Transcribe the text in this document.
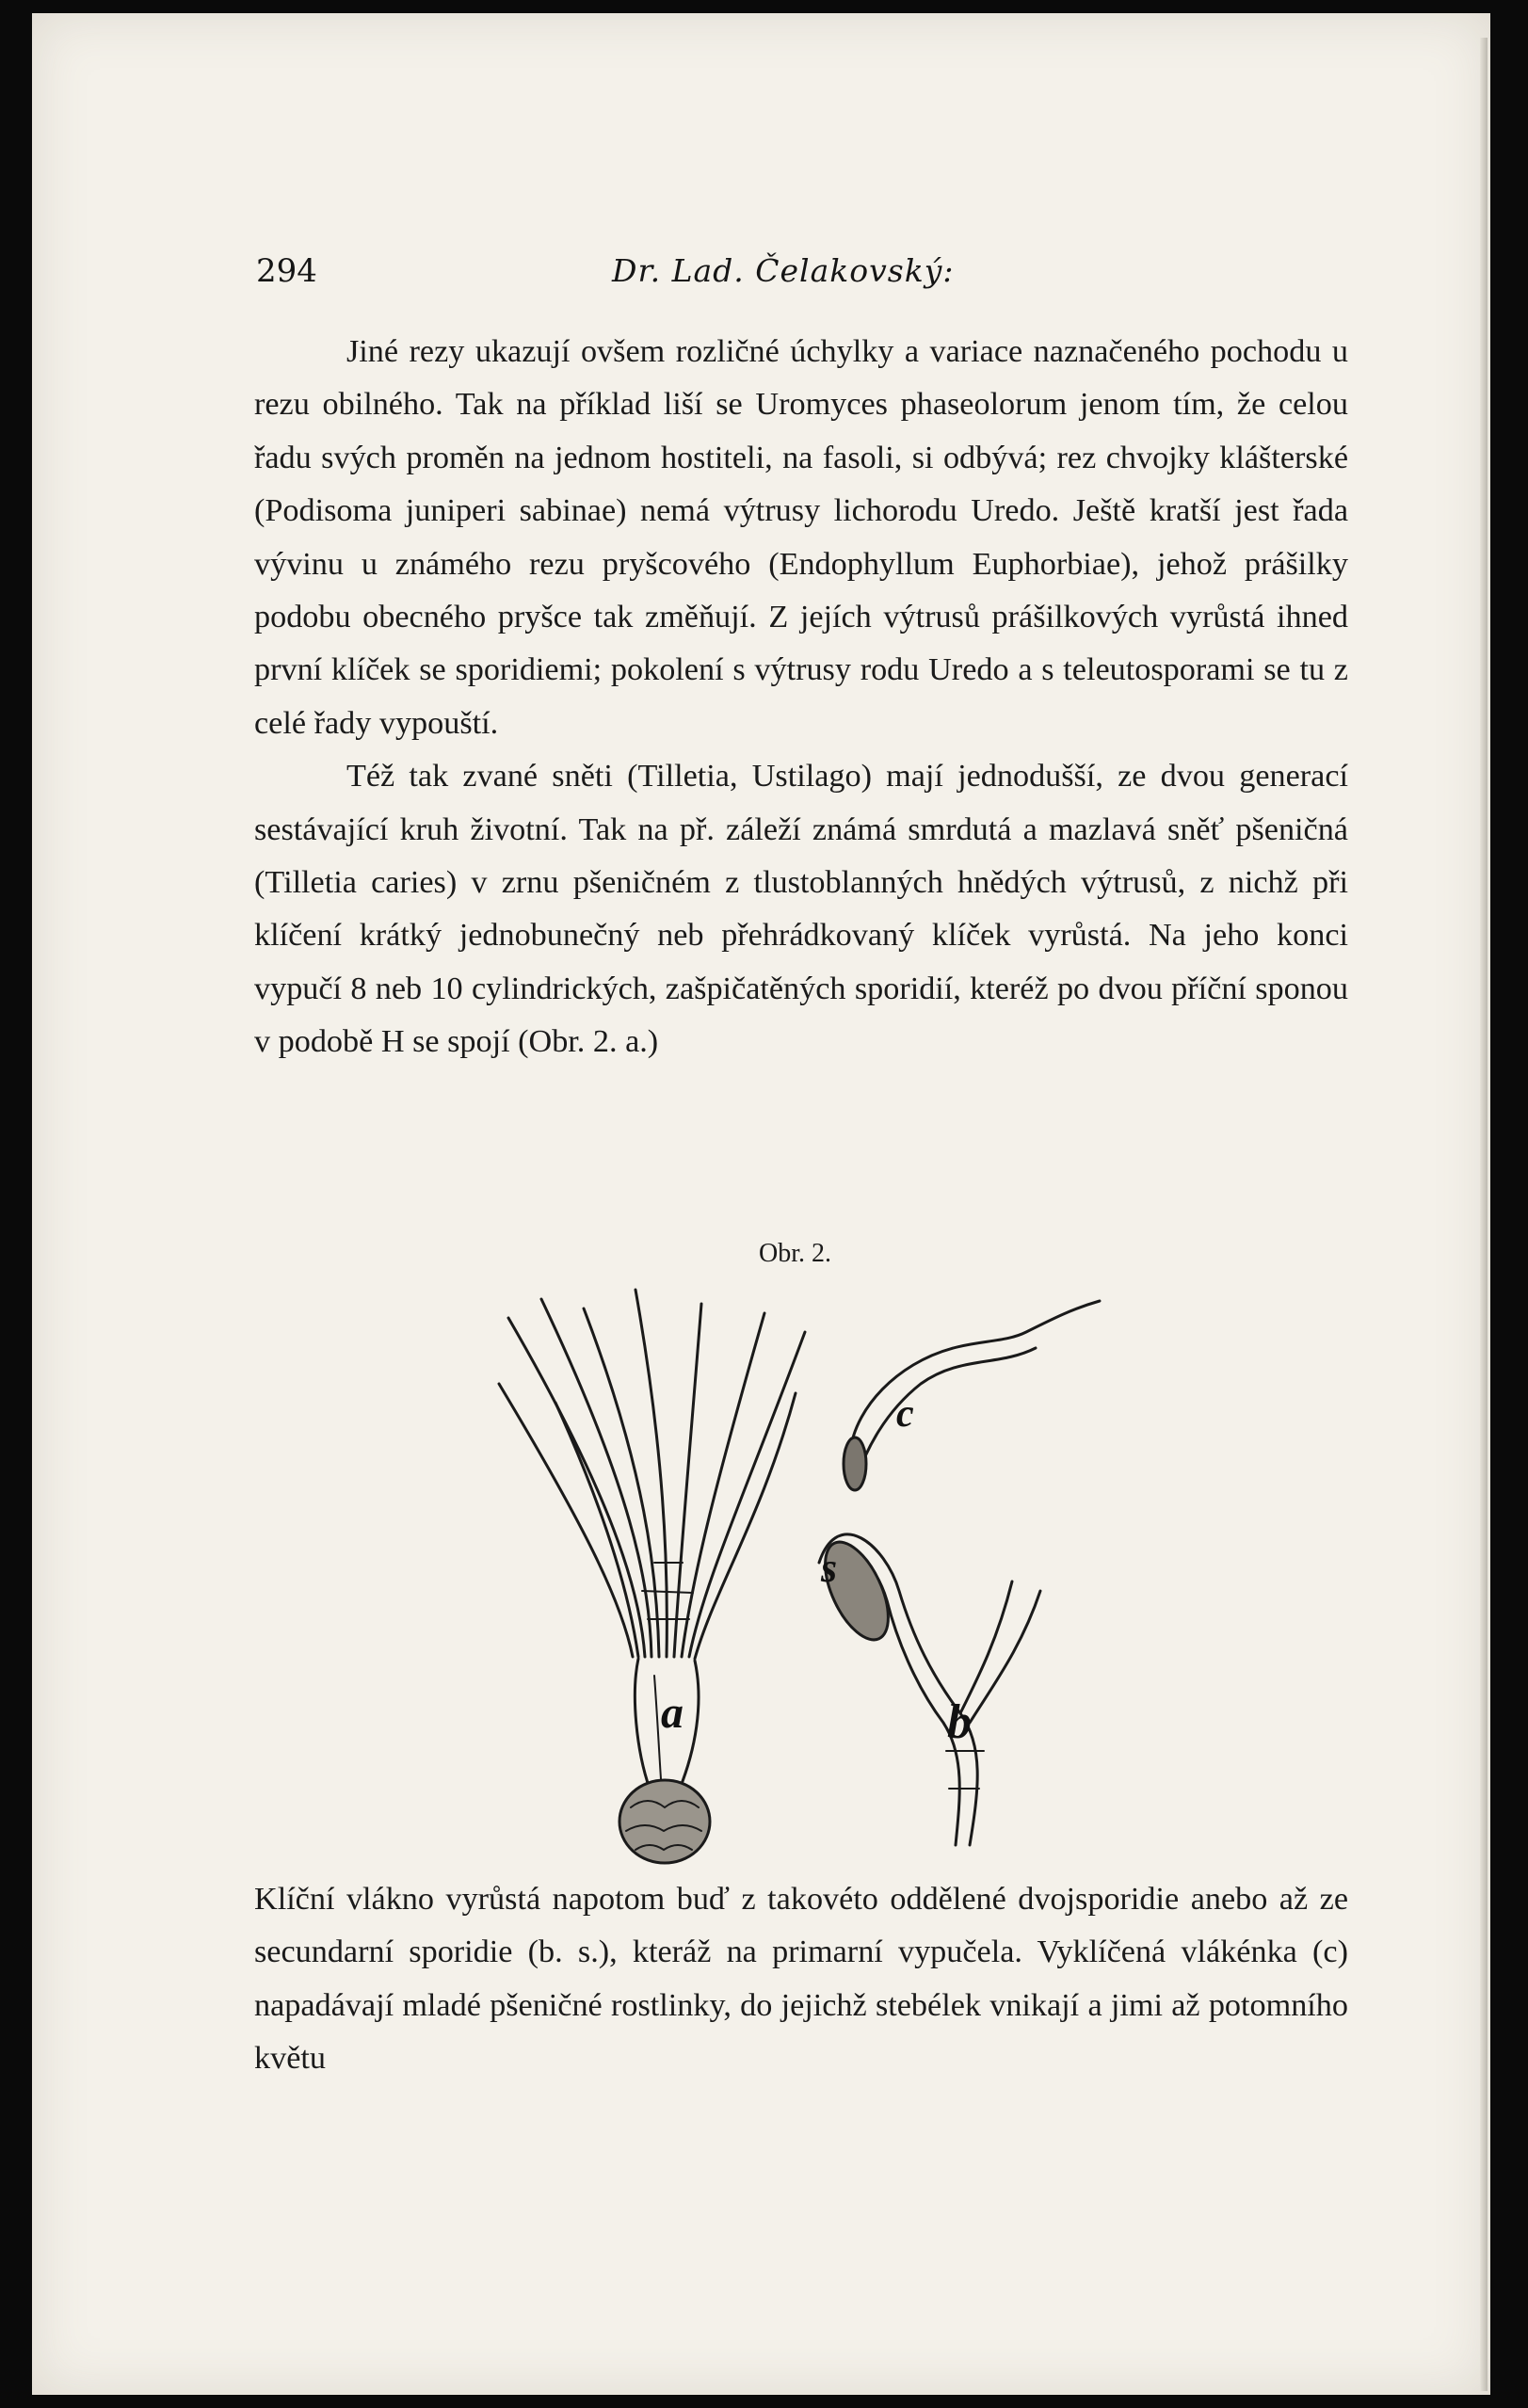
294	Dr. Lad. Čelakovský:

Jiné rezy ukazují ovšem rozličné úchylky a variace naznačeného pochodu u rezu obilného. Tak na příklad liší se Uromyces phaseolorum jenom tím, že celou řadu svých proměn na jednom hostiteli, na fasoli, si odbývá; rez chvojky klášterské (Podisoma juniperi sabinae) nemá výtrusy lichorodu Uredo. Ještě kratší jest řada vývinu u známého rezu pryšcového (Endophyllum Euphorbiae), jehož prášilky podobu obecného pryšce tak změňují. Z jejích výtrusů prášilkových vyrůstá ihned první klíček se sporidiemi; pokolení s výtrusy rodu Uredo a s teleutosporami se tu z celé řady vypouští.

Též tak zvané sněti (Tilletia, Ustilago) mají jednodušší, ze dvou generací sestávající kruh životní. Tak na př. záleží známá smrdutá a mazlavá sněť pšeničná (Tilletia caries) v zrnu pšeničném z tlustoblanných hnědých výtrusů, z nichž při klíčení krátký jednobunečný neb přehrádkovaný klíček vyrůstá. Na jeho konci vypučí 8 neb 10 cylindrických, zašpičatěných sporidií, kteréž po dvou příční sponou v podobě H se spojí (Obr. 2. a.)

Obr. 2.
a
c
s
b

Klíční vlákno vyrůstá napotom buď z takovéto oddělené dvojsporidie anebo až ze secundarní sporidie (b. s.), kteráž na primarní vypučela. Vyklíčená vlákénka (c) napadávají mladé pšeničné rostlinky, do jejichž stebélek vnikají a jimi až potomního květu
